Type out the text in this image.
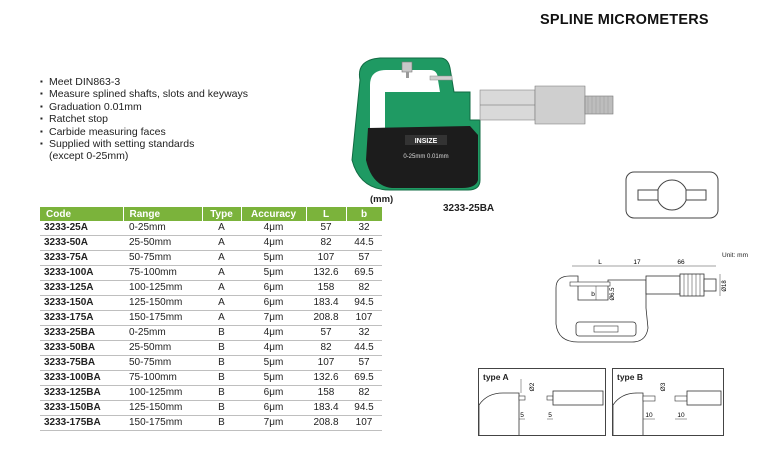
SPLINE MICROMETERS
▪ Meet DIN863-3
▪ Measure splined shafts, slots and keyways
▪ Graduation 0.01mm
▪ Ratchet stop
▪ Carbide measuring faces
▪ Supplied with setting standards
(except 0-25mm)
INSIZE
0-25mm 0.01mm
(mm)
3233-25BA
Code	Range	Type	Accuracy	L	b
3233-25A	0-25mm	A	4μm	57	32
3233-50A	25-50mm	A	4μm	82	44.5
3233-75A	50-75mm	A	5μm	107	57
3233-100A	75-100mm	A	5μm	132.6	69.5
3233-125A	100-125mm	A	6μm	158	82
3233-150A	125-150mm	A	6μm	183.4	94.5
3233-175A	150-175mm	A	7μm	208.8	107
3233-25BA	0-25mm	B	4μm	57	32
3233-50BA	25-50mm	B	4μm	82	44.5
3233-75BA	50-75mm	B	5μm	107	57
3233-100BA	75-100mm	B	5μm	132.6	69.5
3233-125BA	100-125mm	B	6μm	158	82
3233-150BA	125-150mm	B	6μm	183.4	94.5
3233-175BA	150-175mm	B	7μm	208.8	107
Unit: mm
L	17	66
Ø18
Ø6.5
b
type A
Ø2
5	5
type B
Ø3
10	10
